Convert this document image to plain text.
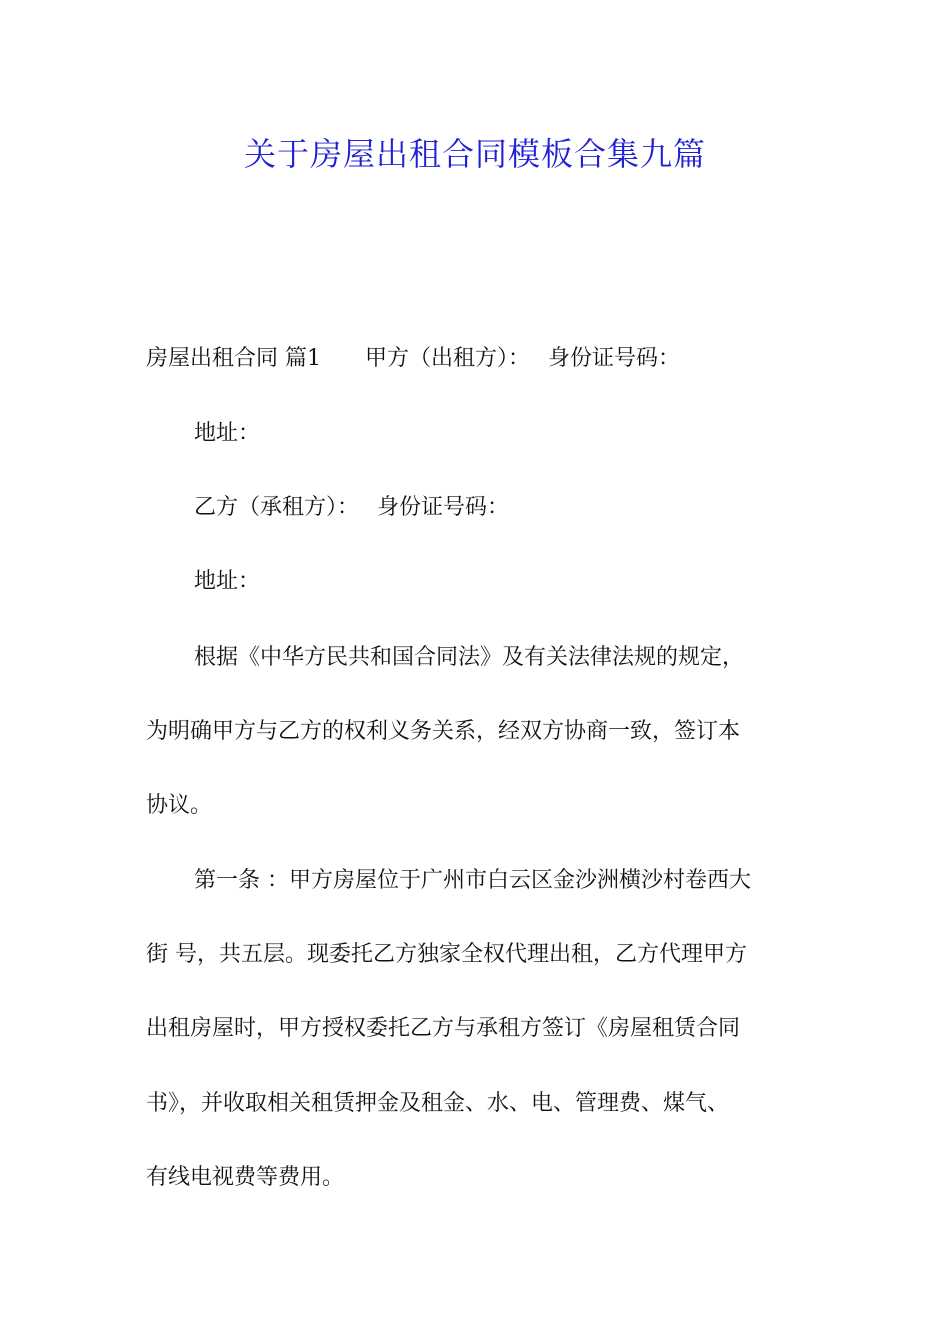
关于房屋出租合同模板合集九篇
房屋出租合同 篇1 甲方（出租方）： 身份证号码：
地址：
乙方（承租方）： 身份证号码：
地址：
根据《中华方民共和国合同法》及有关法律法规的规定，
为明确甲方与乙方的权利义务关系，经双方协商一致，签订本
协议。
第一条 ：甲方房屋位于广州市白云区金沙洲横沙村卷西大
街 号，共五层。现委托乙方独家全权代理出租，乙方代理甲方
出租房屋时，甲方授权委托乙方与承租方签订《房屋租赁合同
书》，并收取相关租赁押金及租金、水、电、管理费、煤气、
有线电视费等费用。
